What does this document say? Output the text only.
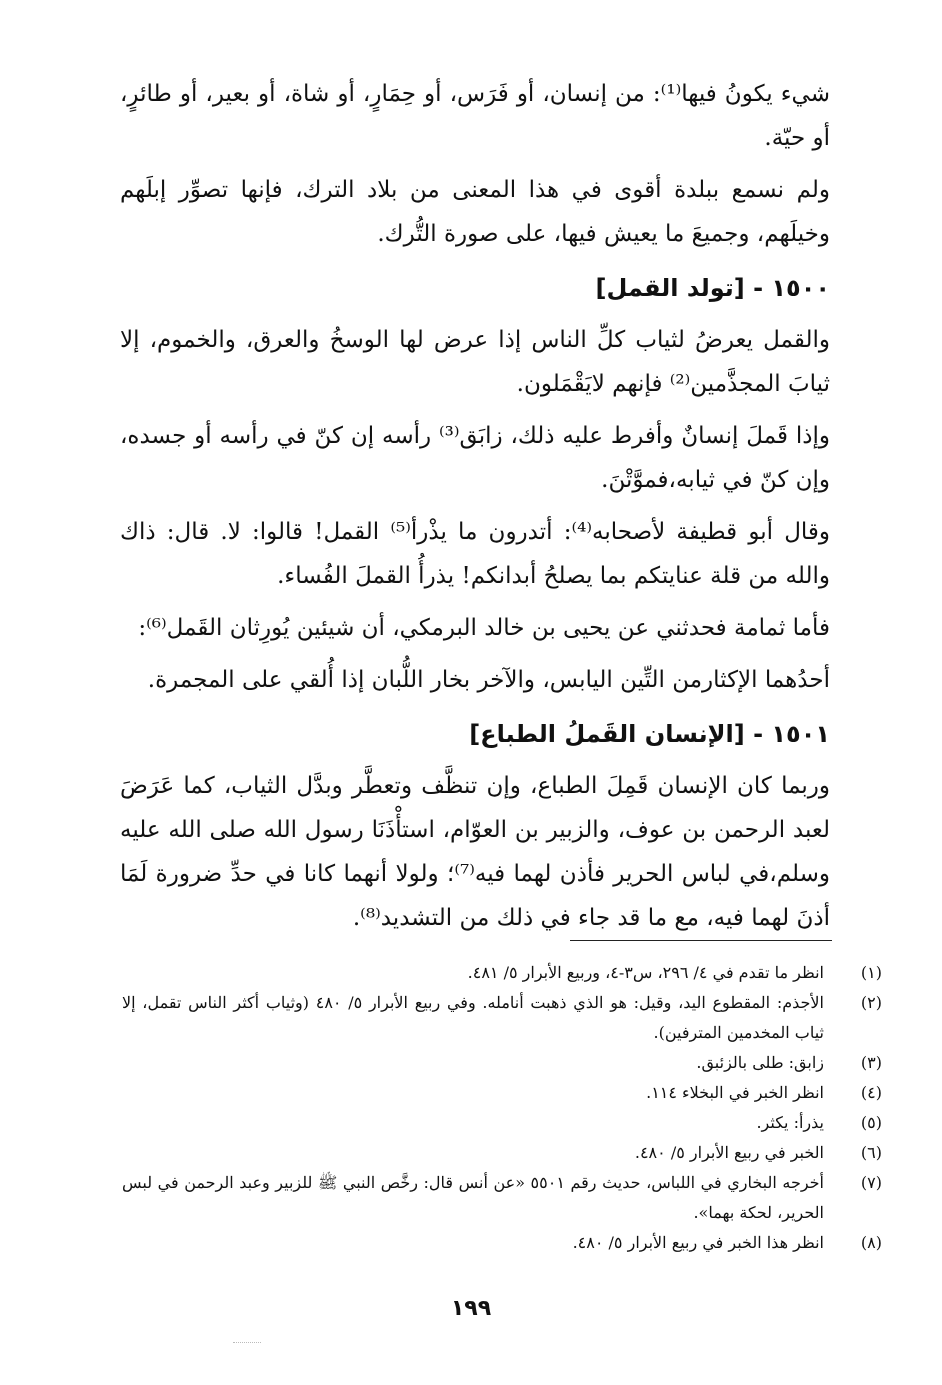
شيء يكونُ فيها⁽¹⁾: من إنسان، أو فَرَس، أو حِمَارٍ، أو شاة، أو بعير، أو طائرٍ، أو حيّة.

ولم نسمع ببلدة أقوى في هذا المعنى من بلاد الترك، فإنها تصوِّر إبلَهم وخيلَهم، وجميعَ ما يعيش فيها، على صورة التُّرك.

١٥٠٠ - [تولد القمل]

والقمل يعرضُ لثياب كلِّ الناس إذا عرض لها الوسخُ والعرق، والخموم، إلا ثيابَ المجذَّمين⁽²⁾ فإنهم لايَقْمَلون.

وإذا قَملَ إنسانٌ وأفرط عليه ذلك، زابَق⁽³⁾ رأسه إن كنّ في رأسه أو جسده، وإن كنّ في ثيابه،فموَّتْنَ.

وقال أبو قطيفة لأصحابه⁽⁴⁾: أتدرون ما يذْرأ⁽⁵⁾ القمل! قالوا: لا. قال: ذاك والله من قلة عنايتكم بما يصلحُ أبدانكم! يذرأُ القملَ الفُساء.

فأما ثمامة فحدثني عن يحيى بن خالد البرمكي، أن شيئين يُورِثان القَمل⁽⁶⁾:

أحدُهما الإكثارمن التِّين اليابس، والآخر بخار اللُّبان إذا أُلقي على المجمرة.

١٥٠١ - [الإنسان القَملُ الطباع]

وربما كان الإنسان قَمِلَ الطباع، وإن تنظَّف وتعطَّر وبدَّل الثياب، كما عَرَضَ لعبد الرحمن بن عوف، والزبير بن العوّام، استأْذَنَا رسول الله صلى الله عليه وسلم،في لباس الحرير فأذن لهما فيه⁽⁷⁾؛ ولولا أنهما كانا في حدِّ ضرورة لَمَا أذنَ لهما فيه، مع ما قد جاء في ذلك من التشديد⁽⁸⁾.

(١)
انظر ما تقدم في ٤/ ٢٩٦، س٣-٤، وربيع الأبرار ٥/ ٤٨١.
(٢)
الأجذم: المقطوع اليد، وقيل: هو الذي ذهبت أنامله. وفي ربيع الأبرار ٥/ ٤٨٠ (وثياب أكثر الناس تقمل، إلا ثياب المخدمين المترفين).
(٣)
زابق: طلى بالزئبق.
(٤)
انظر الخبر في البخلاء ١١٤.
(٥)
يذرأ: يكثر.
(٦)
الخبر في ربيع الأبرار ٥/ ٤٨٠.
(٧)
أخرجه البخاري في اللباس، حديث رقم ٥٥٠١ «عن أنس قال: رخَّص النبي ﷺ للزبير وعبد الرحمن في لبس الحرير، لحكة بهما».
(٨)
انظر هذا الخبر في ربيع الأبرار ٥/ ٤٨٠.
١٩٩
